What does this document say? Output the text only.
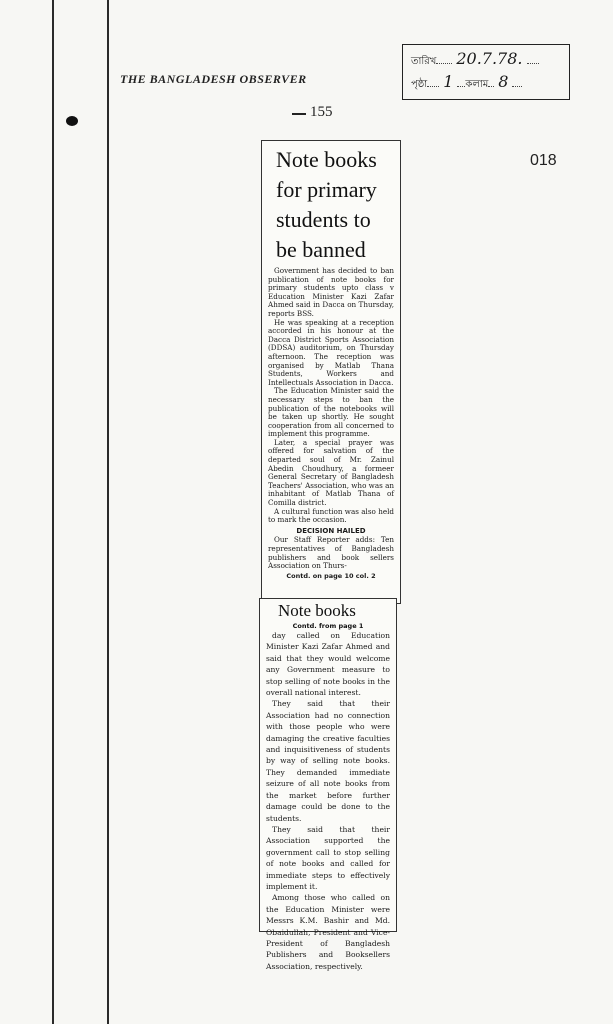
THE BANGLADESH OBSERVER
তারিখ 20.7.78.
পৃষ্ঠা 1	কলাম 8
155
018
Note books for primary students to be banned

Government has decided to ban publication of note books for primary students upto class v Education Minister Kazi Zafar Ahmed said in Dacca on Thursday, reports BSS.

He was speaking at a reception accorded in his honour at the Dacca District Sports Association (DDSA) auditorium, on Thursday afternoon. The reception was organised by Matlab Thana Students, Workers and Intellectuals Association in Dacca.

The Education Minister said the necessary steps to ban the publication of the notebooks will be taken up shortly. He sought cooperation from all concerned to implement this programme.

Later, a special prayer was offered for salvation of the departed soul of Mr. Zainul Abedin Choudhury, a formeer General Secretary of Bangladesh Teachers' Association, who was an inhabitant of Matlab Thana of Comilla district.

A cultural function was also held to mark the occasion.

DECISION HAILED

Our Staff Reporter adds: Ten representatives of Bangladesh publishers and book sellers Association on Thurs-

Contd. on page 10 col. 2
Note books
Contd. from page 1

day called on Education Minister Kazi Zafar Ahmed and said that they would welcome any Government measure to stop selling of note books in the overall national interest.

They said that their Association had no connection with those people who were damaging the creative faculties and inquisitiveness of students by way of selling note books. They demanded immediate seizure of all note books from the market before further damage could be done to the students.

They said that their Association supported the government call to stop selling of note books and called for immediate steps to effectively implement it.

Among those who called on the Education Minister were Messrs K.M. Bashir and Md. Obaidullah, President and Vice-President of Bangladesh Publishers and Booksellers Association, respectively.
